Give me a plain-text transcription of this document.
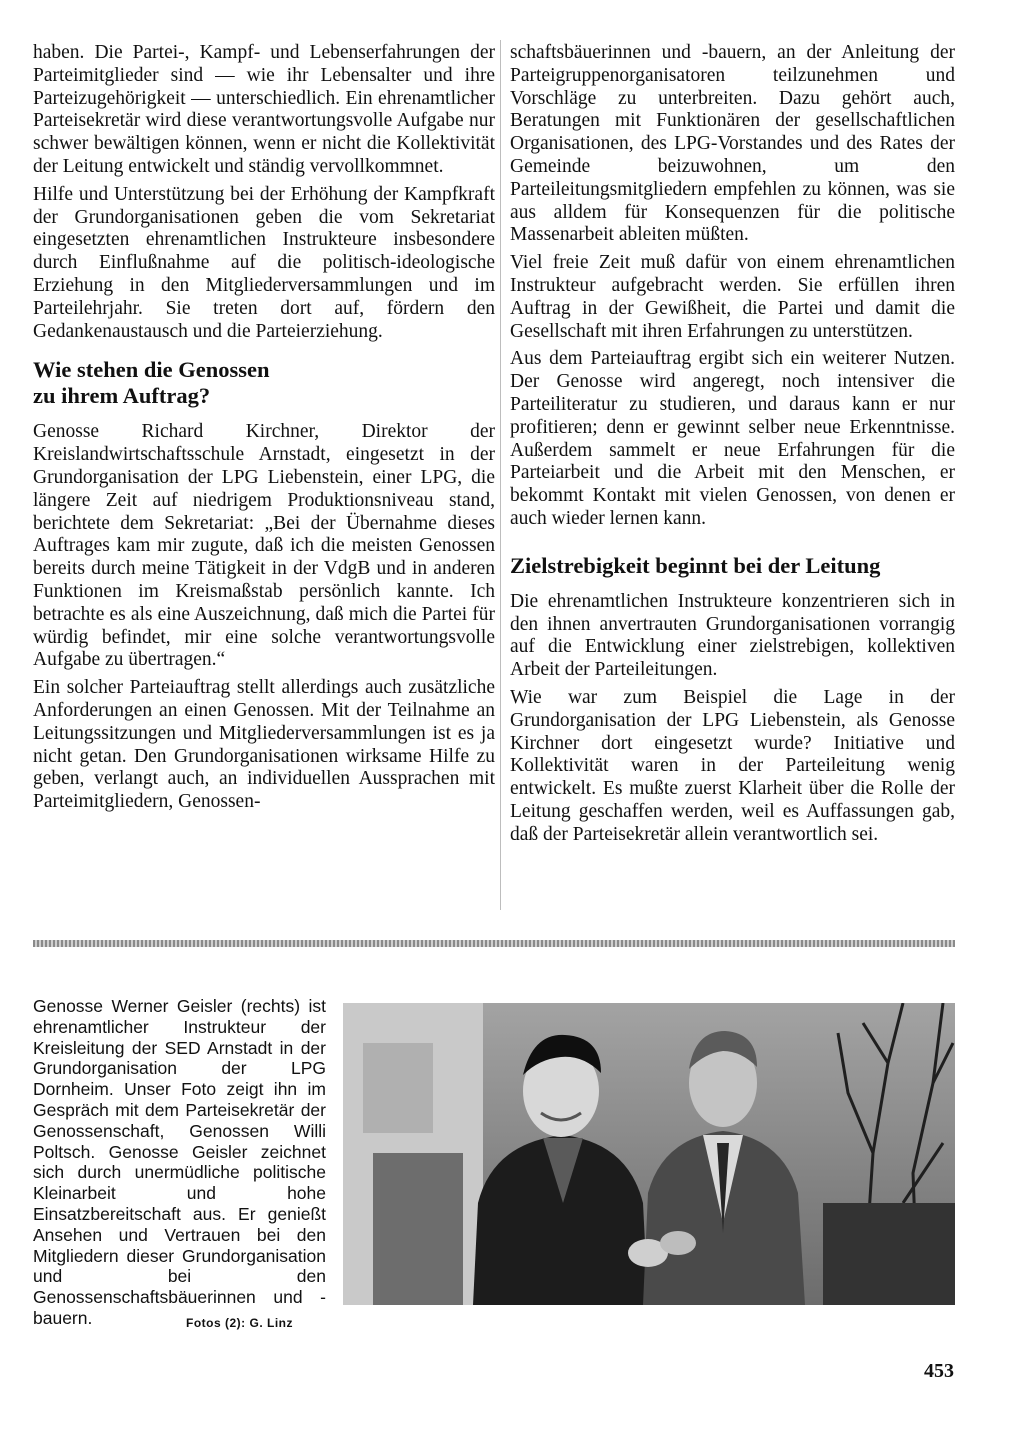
haben. Die Partei-, Kampf- und Lebenserfahrungen der Parteimitglieder sind — wie ihr Lebensalter und ihre Parteizugehörigkeit — unterschiedlich. Ein ehrenamtlicher Parteisekretär wird diese verantwortungsvolle Aufgabe nur schwer bewältigen können, wenn er nicht die Kollektivität der Leitung entwickelt und ständig vervollkommnet.

Hilfe und Unterstützung bei der Erhöhung der Kampfkraft der Grundorganisationen geben die vom Sekretariat eingesetzten ehrenamtlichen Instrukteure insbesondere durch Einflußnahme auf die politisch-ideologische Erziehung in den Mitgliederversammlungen und im Parteilehrjahr. Sie treten dort auf, fördern den Gedankenaustausch und die Parteierziehung.

Wie stehen die Genossen
zu ihrem Auftrag?

Genosse Richard Kirchner, Direktor der Kreislandwirtschaftsschule Arnstadt, eingesetzt in der Grundorganisation der LPG Liebenstein, einer LPG, die längere Zeit auf niedrigem Produktionsniveau stand, berichtete dem Sekretariat: „Bei der Übernahme dieses Auftrages kam mir zugute, daß ich die meisten Genossen bereits durch meine Tätigkeit in der VdgB und in anderen Funktionen im Kreismaßstab persönlich kannte. Ich betrachte es als eine Auszeichnung, daß mich die Partei für würdig befindet, mir eine solche verantwortungsvolle Aufgabe zu übertragen.“

Ein solcher Parteiauftrag stellt allerdings auch zusätzliche Anforderungen an einen Genossen. Mit der Teilnahme an Leitungssitzungen und Mitgliederversammlungen ist es ja nicht getan. Den Grundorganisationen wirksame Hilfe zu geben, verlangt auch, an individuellen Aussprachen mit Parteimitgliedern, Genossen-

schaftsbäuerinnen und -bauern, an der Anleitung der Parteigruppenorganisatoren teilzunehmen und Vorschläge zu unterbreiten. Dazu gehört auch, Beratungen mit Funktionären der gesellschaftlichen Organisationen, des LPG-Vorstandes und des Rates der Gemeinde beizuwohnen, um den Parteileitungsmitgliedern empfehlen zu können, was sie aus alldem für Konsequenzen für die politische Massenarbeit ableiten müßten.

Viel freie Zeit muß dafür von einem ehrenamtlichen Instrukteur aufgebracht werden. Sie erfüllen ihren Auftrag in der Gewißheit, die Partei und damit die Gesellschaft mit ihren Erfahrungen zu unterstützen.

Aus dem Parteiauftrag ergibt sich ein weiterer Nutzen. Der Genosse wird angeregt, noch intensiver die Parteiliteratur zu studieren, und daraus kann er nur profitieren; denn er gewinnt selber neue Erkenntnisse. Außerdem sammelt er neue Erfahrungen für die Parteiarbeit und die Arbeit mit den Menschen, er bekommt Kontakt mit vielen Genossen, von denen er auch wieder lernen kann.

Zielstrebigkeit beginnt bei der Leitung

Die ehrenamtlichen Instrukteure konzentrieren sich in den ihnen anvertrauten Grundorganisationen vorrangig auf die Entwicklung einer zielstrebigen, kollektiven Arbeit der Parteileitungen.

Wie war zum Beispiel die Lage in der Grundorganisation der LPG Liebenstein, als Genosse Kirchner dort eingesetzt wurde? Initiative und Kollektivität waren in der Parteileitung wenig entwickelt. Es mußte zuerst Klarheit über die Rolle der Leitung geschaffen werden, weil es Auffassungen gab, daß der Parteisekretär allein verantwortlich sei.

Genosse Werner Geisler (rechts) ist ehrenamtlicher Instrukteur der Kreisleitung der SED Arnstadt in der Grundorganisation der LPG Dornheim. Unser Foto zeigt ihn im Gespräch mit dem Parteisekretär der Genossenschaft, Genossen Willi Poltsch. Genosse Geisler zeichnet sich durch unermüdliche politische Kleinarbeit und hohe Einsatzbereitschaft aus. Er genießt Ansehen und Vertrauen bei den Mitgliedern dieser Grundorganisation und bei den Genossenschaftsbäuerinnen und -bauern.	Fotos (2): G. Linz
453
